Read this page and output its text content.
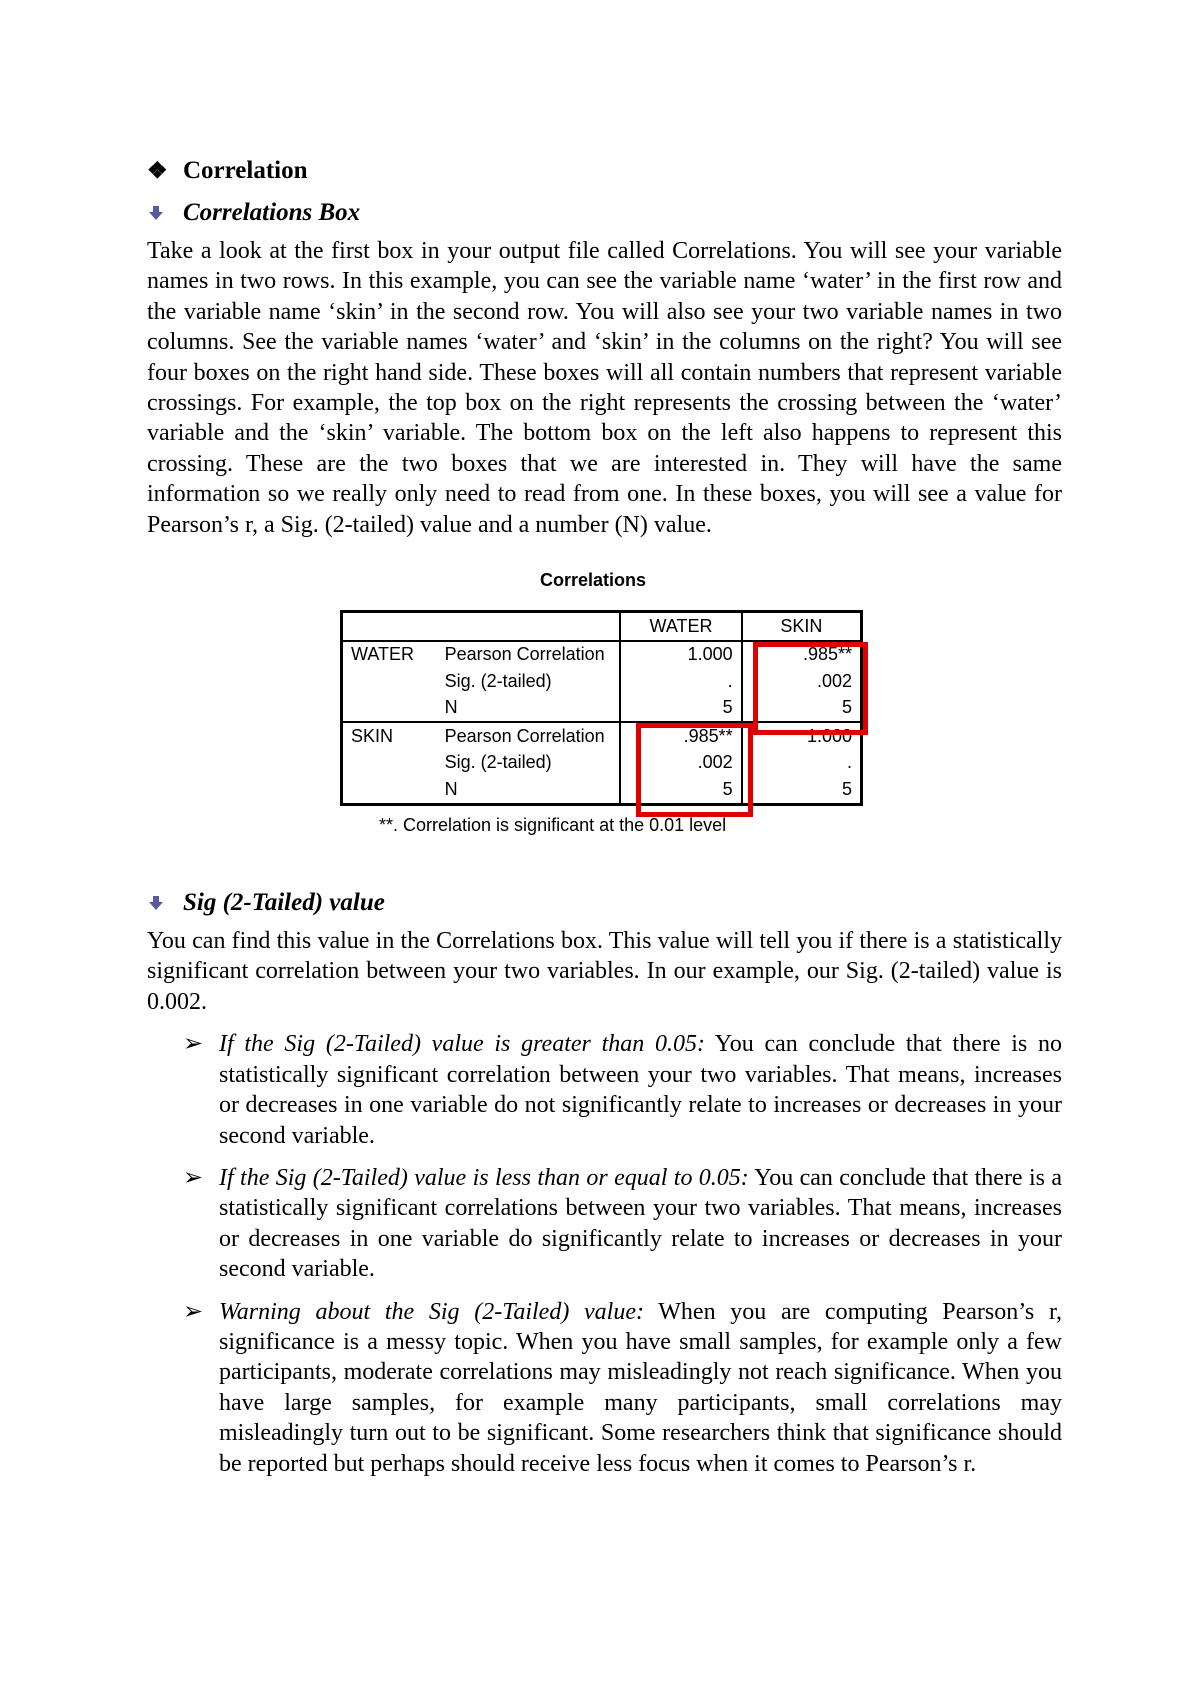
❖ Correlation
Correlations Box

Take a look at the first box in your output file called Correlations. You will see your variable names in two rows. In this example, you can see the variable name ‘water’ in the first row and the variable name ‘skin’ in the second row. You will also see your two variable names in two columns. See the variable names ‘water’ and ‘skin’ in the columns on the right? You will see four boxes on the right hand side. These boxes will all contain numbers that represent variable crossings. For example, the top box on the right represents the crossing between the ‘water’ variable and the ‘skin’ variable. The bottom box on the left also happens to represent this crossing. These are the two boxes that we are interested in. They will have the same information so we really only need to read from one. In these boxes, you will see a value for Pearson’s r, a Sig. (2-tailed) value and a number (N) value.

Correlations
		WATER	SKIN
WATER	Pearson Correlation	1.000	.985**
	Sig. (2-tailed)	.	.002
	N	5	5
SKIN	Pearson Correlation	.985**	1.000
	Sig. (2-tailed)	.002	.
	N	5	5
**. Correlation is significant at the 0.01 level
Sig (2-Tailed) value

You can find this value in the Correlations box. This value will tell you if there is a statistically significant correlation between your two variables. In our example, our Sig. (2-tailed) value is 0.002.

➢ If the Sig (2-Tailed) value is greater than 0.05: You can conclude that there is no statistically significant correlation between your two variables. That means, increases or decreases in one variable do not significantly relate to increases or decreases in your second variable.
➢ If the Sig (2-Tailed) value is less than or equal to 0.05: You can conclude that there is a statistically significant correlations between your two variables. That means, increases or decreases in one variable do significantly relate to increases or decreases in your second variable.
➢ Warning about the Sig (2-Tailed) value: When you are computing Pearson’s r, significance is a messy topic. When you have small samples, for example only a few participants, moderate correlations may misleadingly not reach significance. When you have large samples, for example many participants, small correlations may misleadingly turn out to be significant. Some researchers think that significance should be reported but perhaps should receive less focus when it comes to Pearson’s r.
